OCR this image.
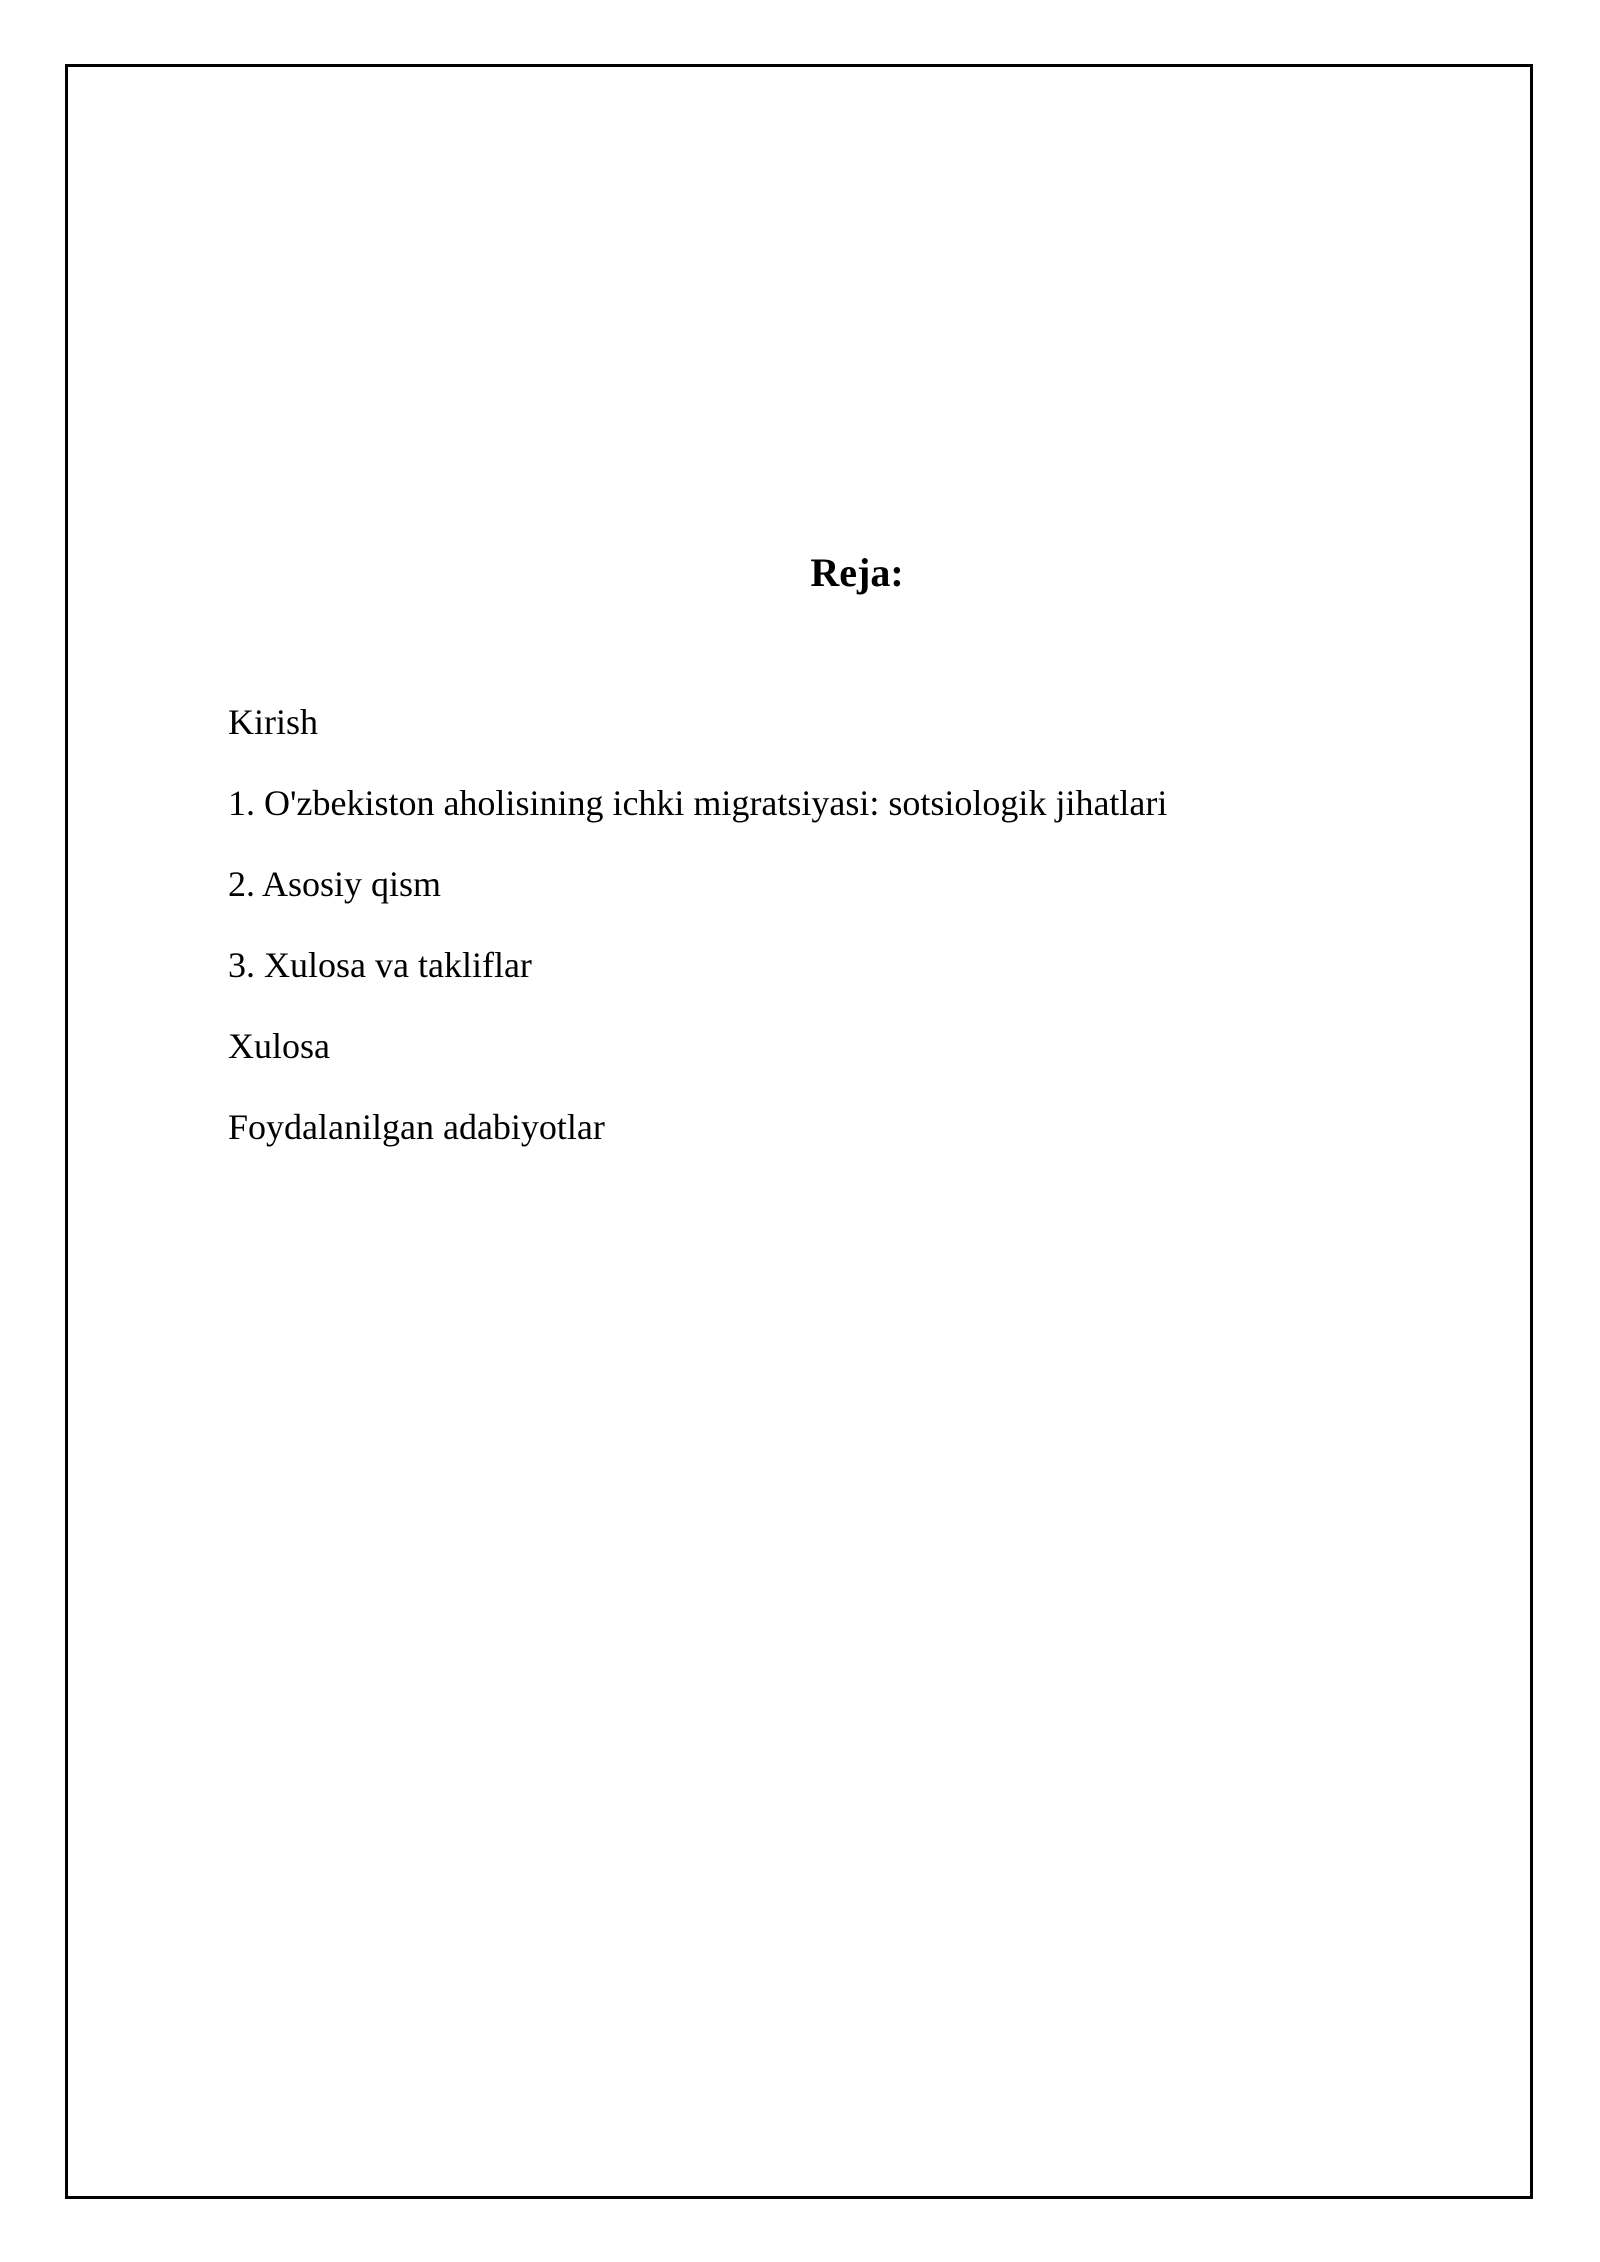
Reja:
Kirish
1. O'zbekiston aholisining ichki migratsiyasi: sotsiologik jihatlari
2. Asosiy qism
3. Xulosa va takliflar
Xulosa
Foydalanilgan adabiyotlar
